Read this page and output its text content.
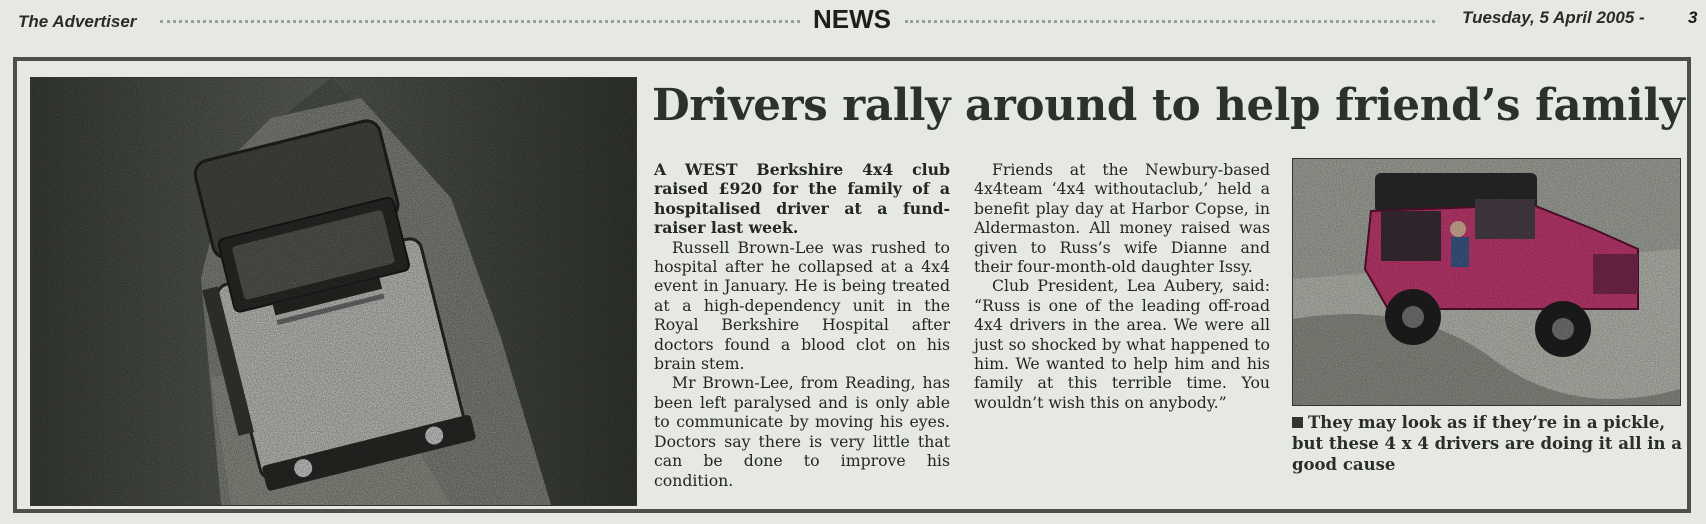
The Advertiser	NEWS	Tuesday, 5 April 2005 -	3
Drivers rally around to help friend’s family

A WEST Berkshire 4x4 club raised £920 for the family of a hospitalised driver at a fund-raiser last week.

Russell Brown-Lee was rushed to hospital after he collapsed at a 4x4 event in January. He is being treated at a high-dependency unit in the Royal Berkshire Hospital after doctors found a blood clot on his brain stem.

Mr Brown-Lee, from Reading, has been left paralysed and is only able to communicate by moving his eyes. Doctors say there is very little that can be done to improve his condition.

Friends at the Newbury-based 4x4team ‘4x4 withoutaclub,’ held a benefit play day at Harbor Copse, in Aldermaston. All money raised was given to Russ’s wife Dianne and their four-month-old daughter Issy.

Club President, Lea Aubery, said: “Russ is one of the leading off-road 4x4 drivers in the area. We were all just so shocked by what happened to him. We wanted to help him and his family at this terrible time. You wouldn’t wish this on anybody.”

They may look as if they’re in a pickle, but these 4 x 4 drivers are doing it all in a good cause
